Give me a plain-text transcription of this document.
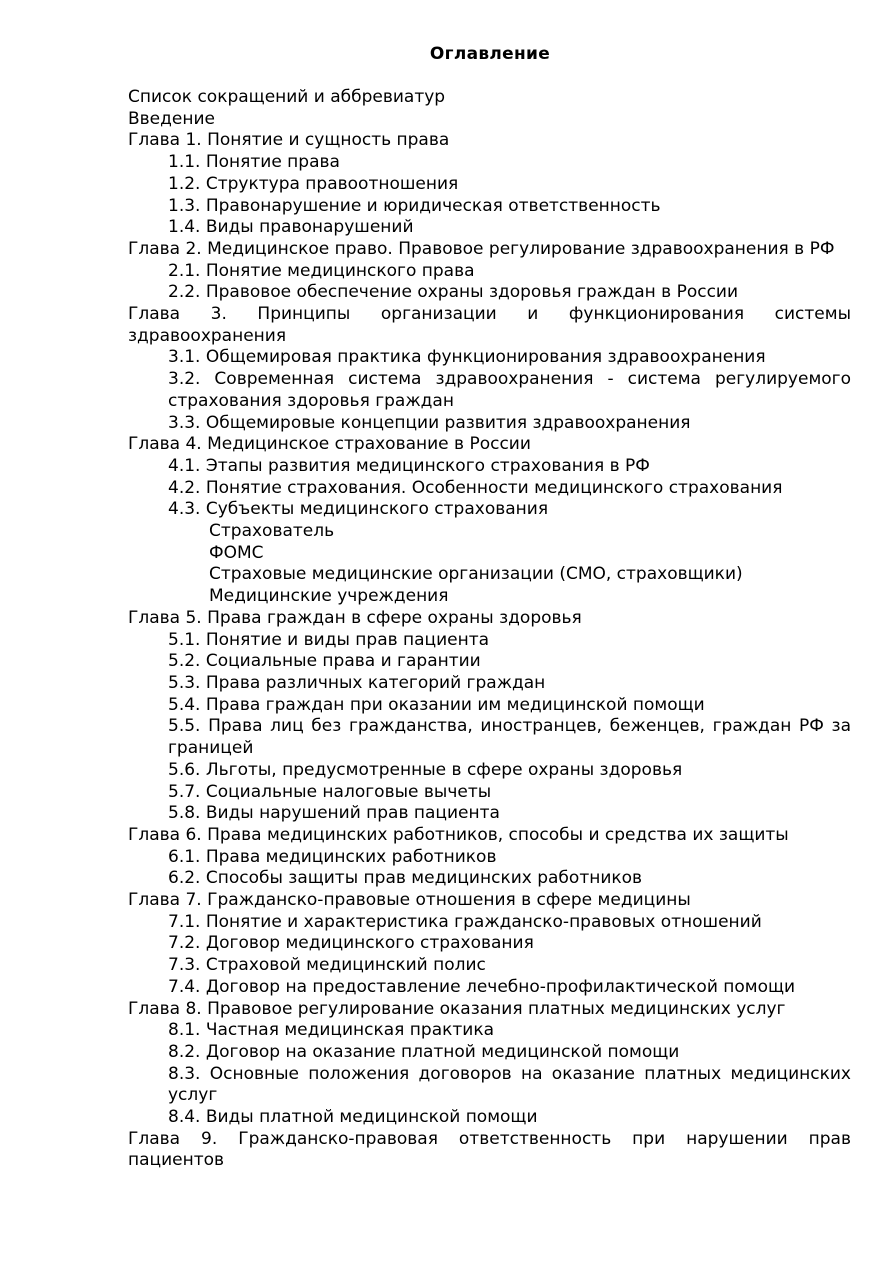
Оглавление
Список сокращений и аббревиатур
Введение
Глава 1. Понятие и сущность права
1.1. Понятие права
1.2. Структура правоотношения
1.3. Правонарушение и юридическая ответственность
1.4. Виды правонарушений
Глава 2. Медицинское право. Правовое регулирование здравоохранения в РФ
2.1. Понятие медицинского права
2.2. Правовое обеспечение охраны здоровья граждан в России
Глава 3. Принципы организации и функционирования системы здравоохранения
3.1. Общемировая практика функционирования здравоохранения
3.2. Современная система здравоохранения - система регулируемого страхования здоровья граждан
3.3. Общемировые концепции развития здравоохранения
Глава 4. Медицинское страхование в России
4.1. Этапы развития медицинского страхования в РФ
4.2. Понятие страхования. Особенности медицинского страхования
4.3. Субъекты медицинского страхования
Страхователь
ФОМС
Страховые медицинские организации (СМО, страховщики)
Медицинские учреждения
Глава 5. Права граждан в сфере охраны здоровья
5.1. Понятие и виды прав пациента
5.2. Социальные права и гарантии
5.3. Права различных категорий граждан
5.4. Права граждан при оказании им медицинской помощи
5.5. Права лиц без гражданства, иностранцев, беженцев, граждан РФ за границей
5.6. Льготы, предусмотренные в сфере охраны здоровья
5.7. Социальные налоговые вычеты
5.8. Виды нарушений прав пациента
Глава 6. Права медицинских работников, способы и средства их защиты
6.1. Права медицинских работников
6.2. Способы защиты прав медицинских работников
Глава 7. Гражданско-правовые отношения в сфере медицины
7.1. Понятие и характеристика гражданско-правовых отношений
7.2. Договор медицинского страхования
7.3. Страховой медицинский полис
7.4. Договор на предоставление лечебно-профилактической помощи
Глава 8. Правовое регулирование оказания платных медицинских услуг
8.1. Частная медицинская практика
8.2. Договор на оказание платной медицинской помощи
8.3. Основные положения договоров на оказание платных медицинских услуг
8.4. Виды платной медицинской помощи
Глава 9. Гражданско-правовая ответственность при нарушении прав пациентов
